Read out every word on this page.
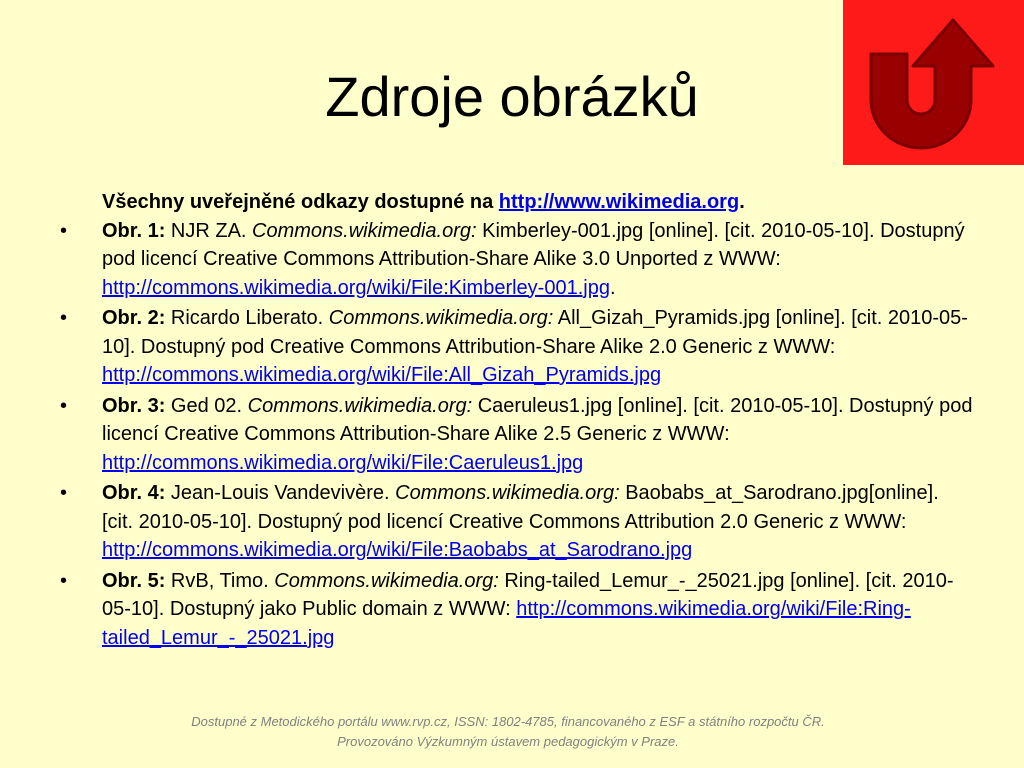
Zdroje obrázků

Všechny uveřejněné odkazy dostupné na http://www.wikimedia.org.

• Obr. 1: NJR ZA. Commons.wikimedia.org: Kimberley-001.jpg [online]. [cit. 2010-05-10]. Dostupný pod licencí Creative Commons Attribution-Share Alike 3.0 Unported z WWW: http://commons.wikimedia.org/wiki/File:Kimberley-001.jpg.
• Obr. 2: Ricardo Liberato. Commons.wikimedia.org: All_Gizah_Pyramids.jpg [online]. [cit. 2010-05-10]. Dostupný pod Creative Commons Attribution-Share Alike 2.0 Generic z WWW: http://commons.wikimedia.org/wiki/File:All_Gizah_Pyramids.jpg
• Obr. 3: Ged 02. Commons.wikimedia.org: Caeruleus1.jpg [online]. [cit. 2010-05-10]. Dostupný pod licencí Creative Commons Attribution-Share Alike 2.5 Generic z WWW: http://commons.wikimedia.org/wiki/File:Caeruleus1.jpg
• Obr. 4: Jean-Louis Vandevivère. Commons.wikimedia.org: Baobabs_at_Sarodrano.jpg[online]. [cit. 2010-05-10]. Dostupný pod licencí Creative Commons Attribution 2.0 Generic z WWW: http://commons.wikimedia.org/wiki/File:Baobabs_at_Sarodrano.jpg
• Obr. 5: RvB, Timo. Commons.wikimedia.org: Ring-tailed_Lemur_-_25021.jpg [online]. [cit. 2010-05-10]. Dostupný jako Public domain z WWW: http://commons.wikimedia.org/wiki/File:Ring-tailed_Lemur_-_25021.jpg
Dostupné z Metodického portálu www.rvp.cz, ISSN: 1802-4785, financovaného z ESF a státního rozpočtu ČR.
Provozováno Výzkumným ústavem pedagogickým v Praze.
